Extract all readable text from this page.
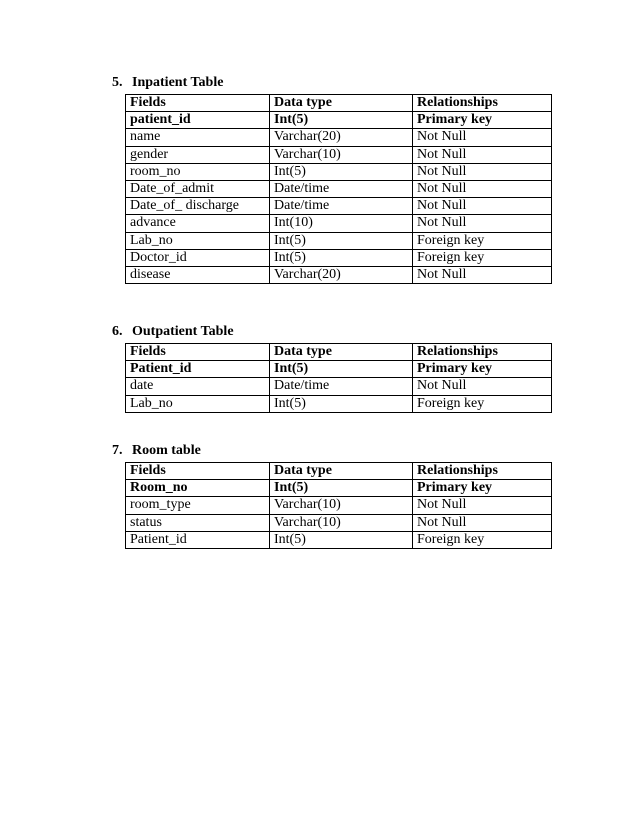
5. Inpatient Table
Fields	Data type	Relationships
patient_id	Int(5)	Primary key
name	Varchar(20)	Not Null
gender	Varchar(10)	Not Null
room_no	Int(5)	Not Null
Date_of_admit	Date/time	Not Null
Date_of_ discharge	Date/time	Not Null
advance	Int(10)	Not Null
Lab_no	Int(5)	Foreign key
Doctor_id	Int(5)	Foreign key
disease	Varchar(20)	Not Null
6. Outpatient Table
Fields	Data type	Relationships
Patient_id	Int(5)	Primary key
date	Date/time	Not Null
Lab_no	Int(5)	Foreign key
7. Room table
Fields	Data type	Relationships
Room_no	Int(5)	Primary key
room_type	Varchar(10)	Not Null
status	Varchar(10)	Not Null
Patient_id	Int(5)	Foreign key
